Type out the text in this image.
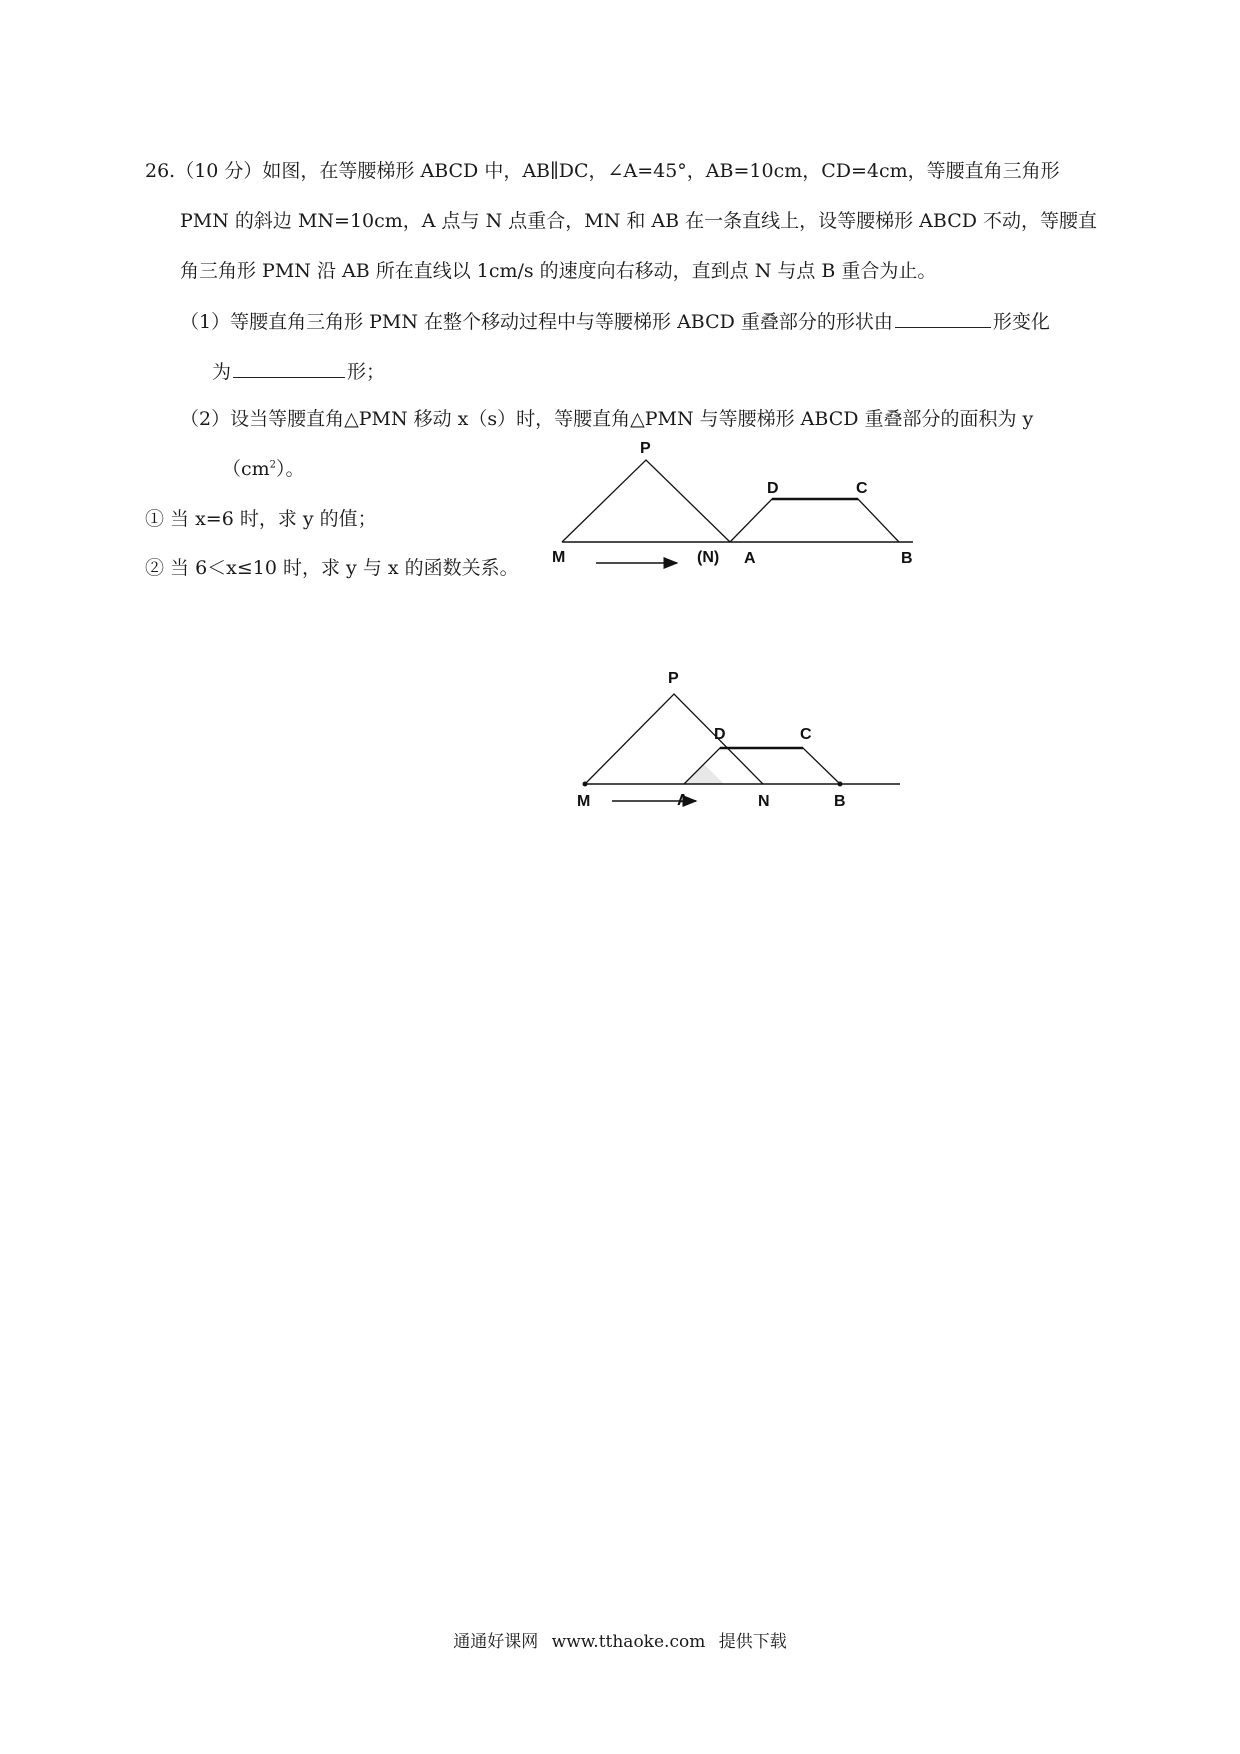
26.（10 分）如图，在等腰梯形 ABCD 中，AB∥DC，∠A=45°，AB=10cm，CD=4cm，等腰直角三角形
PMN 的斜边 MN=10cm，A 点与 N 点重合，MN 和 AB 在一条直线上，设等腰梯形 ABCD 不动，等腰直
角三角形 PMN 沿 AB 所在直线以 1cm/s 的速度向右移动，直到点 N 与点 B 重合为止。
（1）等腰直角三角形 PMN 在整个移动过程中与等腰梯形 ABCD 重叠部分的形状由	形变化
为	形；
（2）设当等腰直角△PMN 移动 x（s）时，等腰直角△PMN 与等腰梯形 ABCD 重叠部分的面积为 y
$(cm^2)$。
① 当 x=6 时，求 y 的值；
② 当 6＜x≤10 时，求 y 与 x 的函数关系。
P
D	C
M	(N) A	B
P
D	C
M	A	N	B
通通好课网 www.tthaoke.com 提供下载
